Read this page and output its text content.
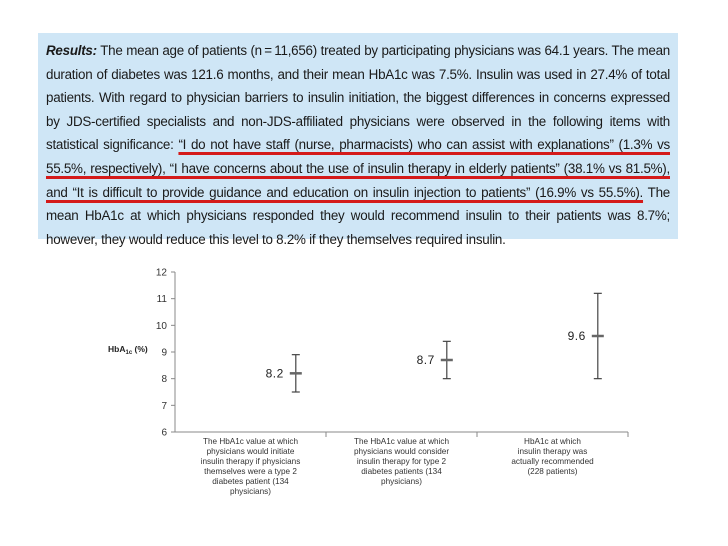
Results: The mean age of patients (n = 11,656) treated by participating physicians was 64.1 years. The mean duration of diabetes was 121.6 months, and their mean HbA1c was 7.5%. Insulin was used in 27.4% of total patients. With regard to physician barriers to insulin initiation, the biggest differences in concerns expressed by JDS-certified specialists and non-JDS-affiliated physicians were observed in the following items with statistical significance: “I do not have staff (nurse, pharmacists) who can assist with explanations” (1.3% vs 55.5%, respectively), “I have concerns about the use of insulin therapy in elderly patients” (38.1% vs 81.5%), and “It is difficult to provide guidance and education on insulin injection to patients” (16.9% vs 55.5%). The mean HbA1c at which physicians responded they would recommend insulin to their patients was 8.7%; however, they would reduce this level to 8.2% if they themselves required insulin.
6
7
8
9
10
11
12
8.2
8.7
9.6
The HbA1c value at which
physicians would initiate
insulin therapy if physicians
themselves were a type 2
diabetes patient (134
physicians)
The HbA1c value at which
physicians would consider
insulin therapy for type 2
diabetes patients (134
physicians)
HbA1c at which
insulin therapy was
actually recommended
(228 patients)
HbA$_{1c}$ (%)
